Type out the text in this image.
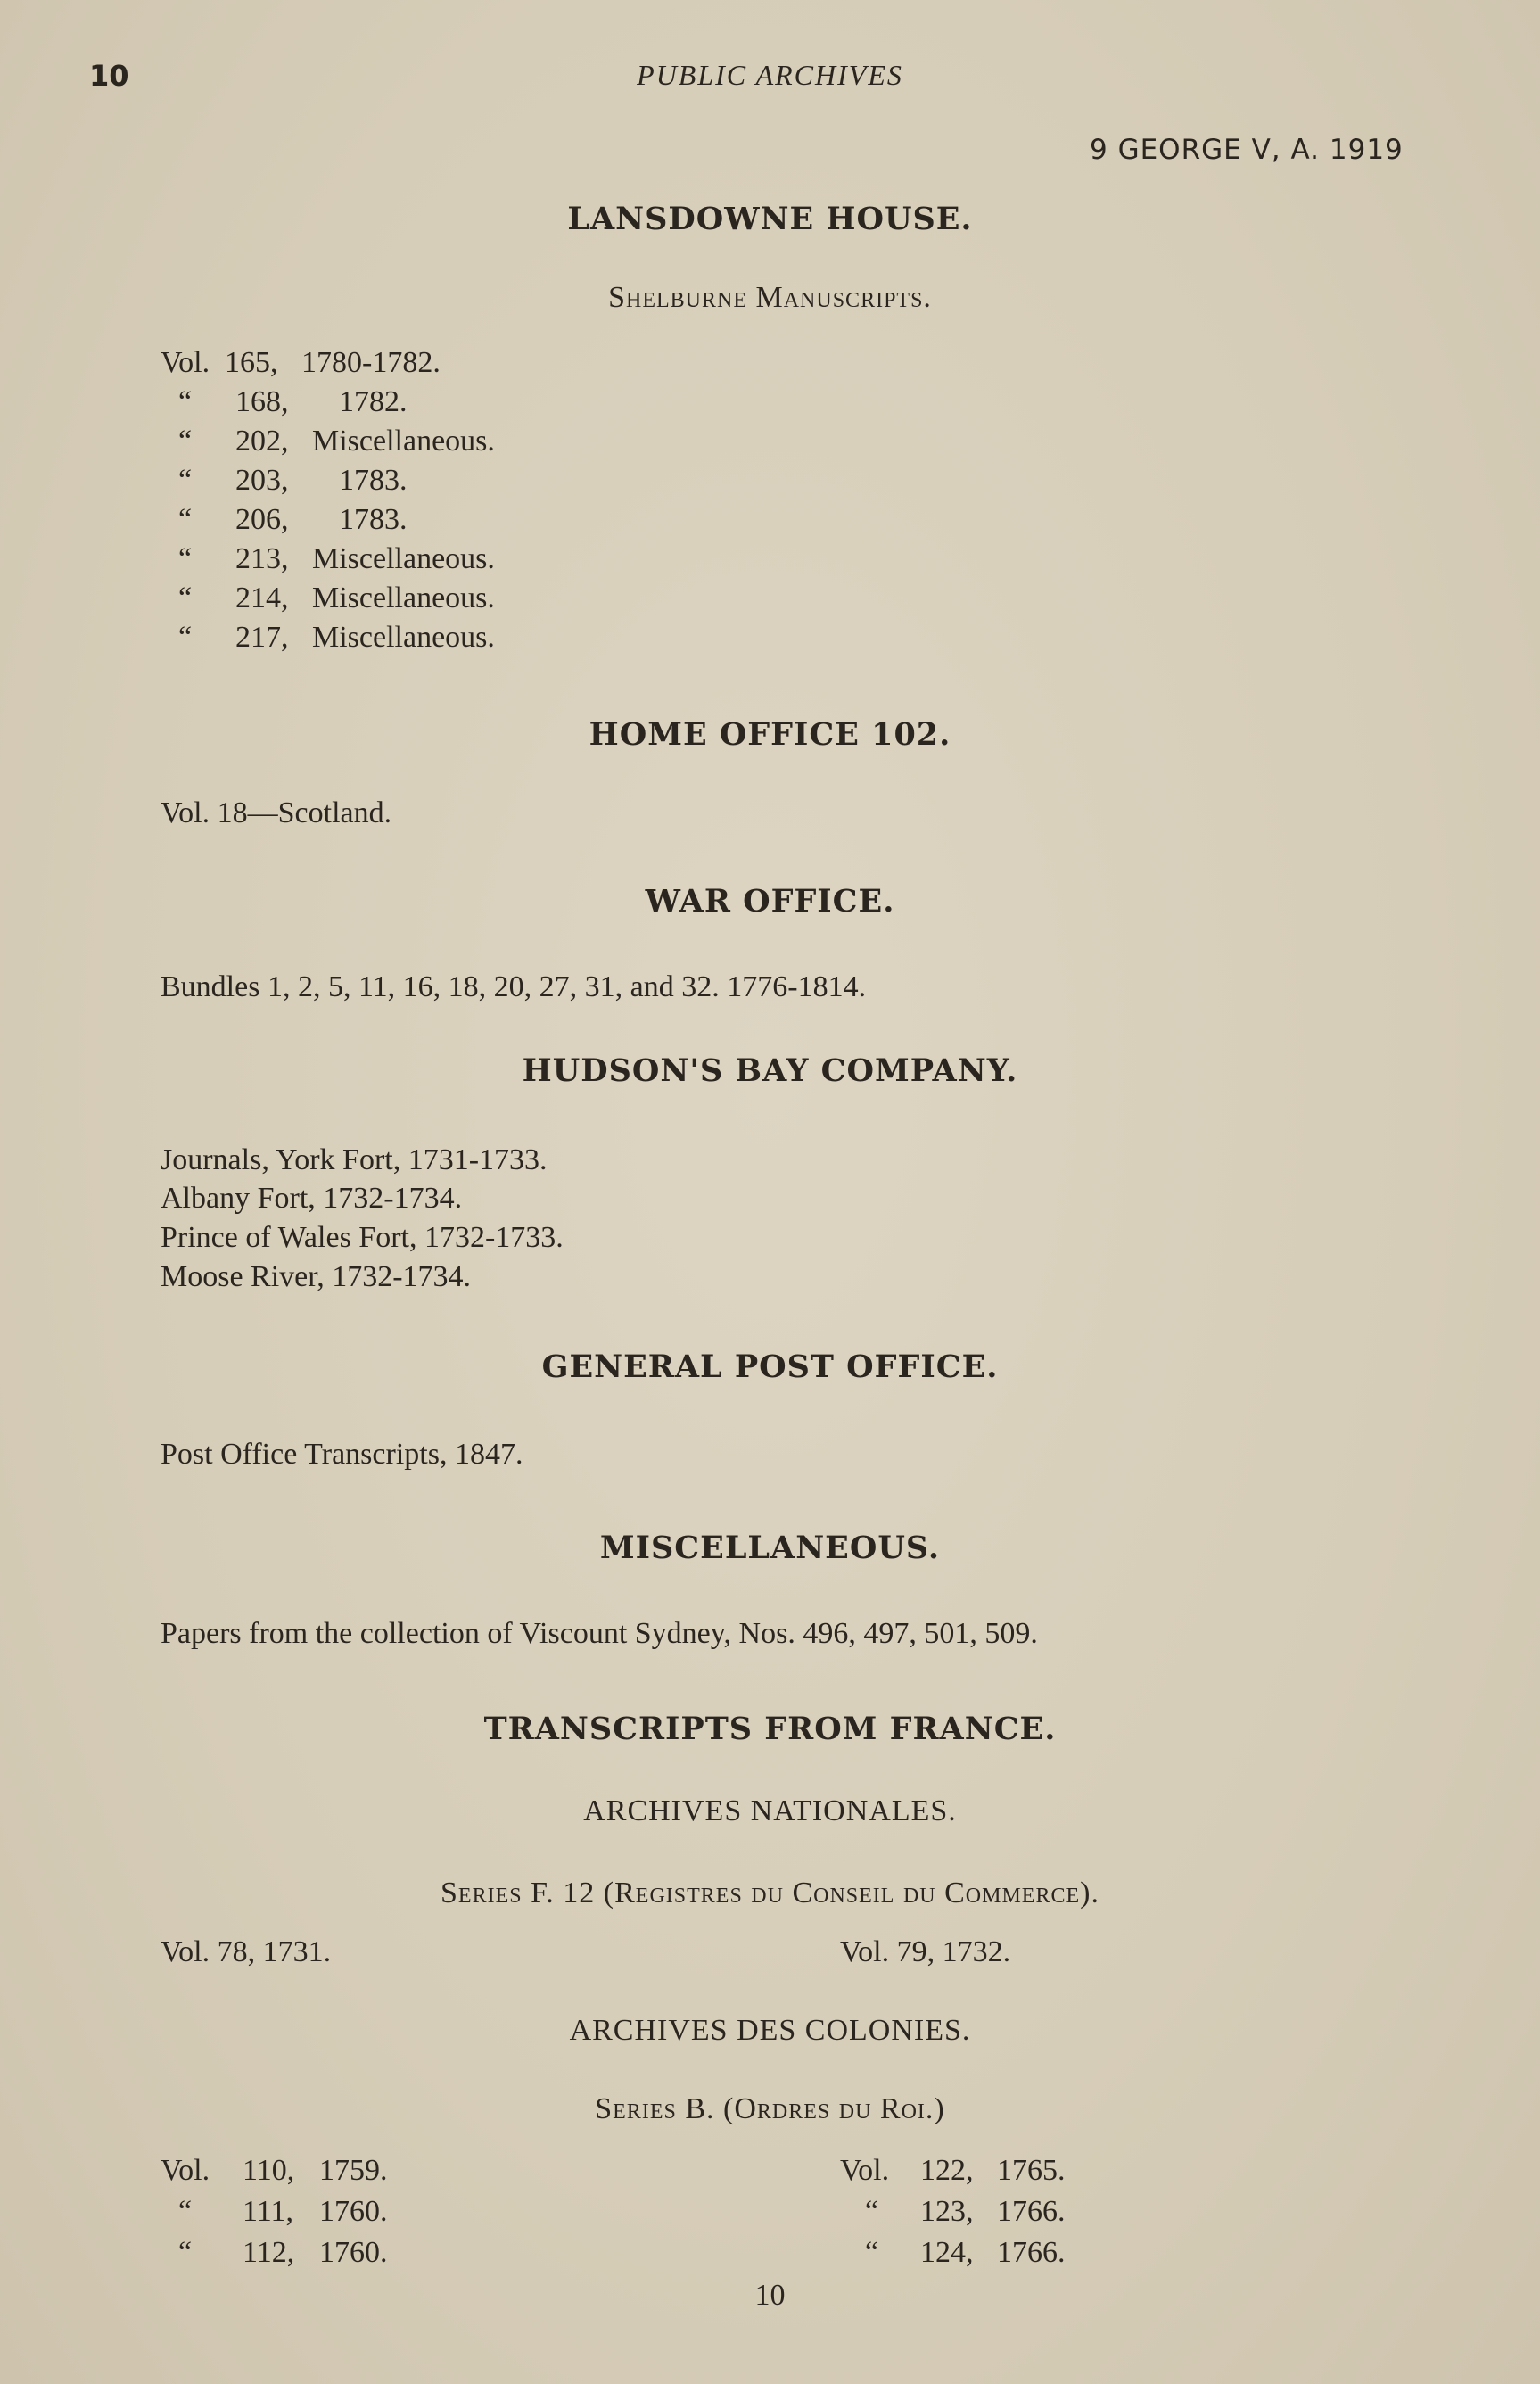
10	PUBLIC ARCHIVES
9 GEORGE V, A. 1919
LANSDOWNE HOUSE.
Shelburne Manuscripts.
Vol. 165, 1780-1782.
“ 168, 1782.
“ 202, Miscellaneous.
“ 203, 1783.
“ 206, 1783.
“ 213, Miscellaneous.
“ 214, Miscellaneous.
“ 217, Miscellaneous.
HOME OFFICE 102.
Vol. 18—Scotland.
WAR OFFICE.
Bundles 1, 2, 5, 11, 16, 18, 20, 27, 31, and 32. 1776-1814.
HUDSON'S BAY COMPANY.
Journals, York Fort, 1731-1733.
Albany Fort, 1732-1734.
Prince of Wales Fort, 1732-1733.
Moose River, 1732-1734.
GENERAL POST OFFICE.
Post Office Transcripts, 1847.
MISCELLANEOUS.
Papers from the collection of Viscount Sydney, Nos. 496, 497, 501, 509.
TRANSCRIPTS FROM FRANCE.
ARCHIVES NATIONALES.
Series F. 12 (Registres du Conseil du Commerce).
Vol. 78, 1731.	Vol. 79, 1732.
ARCHIVES DES COLONIES.
Series B. (Ordres du Roi.)
Vol. 110, 1759.
“ 111, 1760.
“ 112, 1760.
Vol. 122, 1765.
“ 123, 1766.
“ 124, 1766.
10
